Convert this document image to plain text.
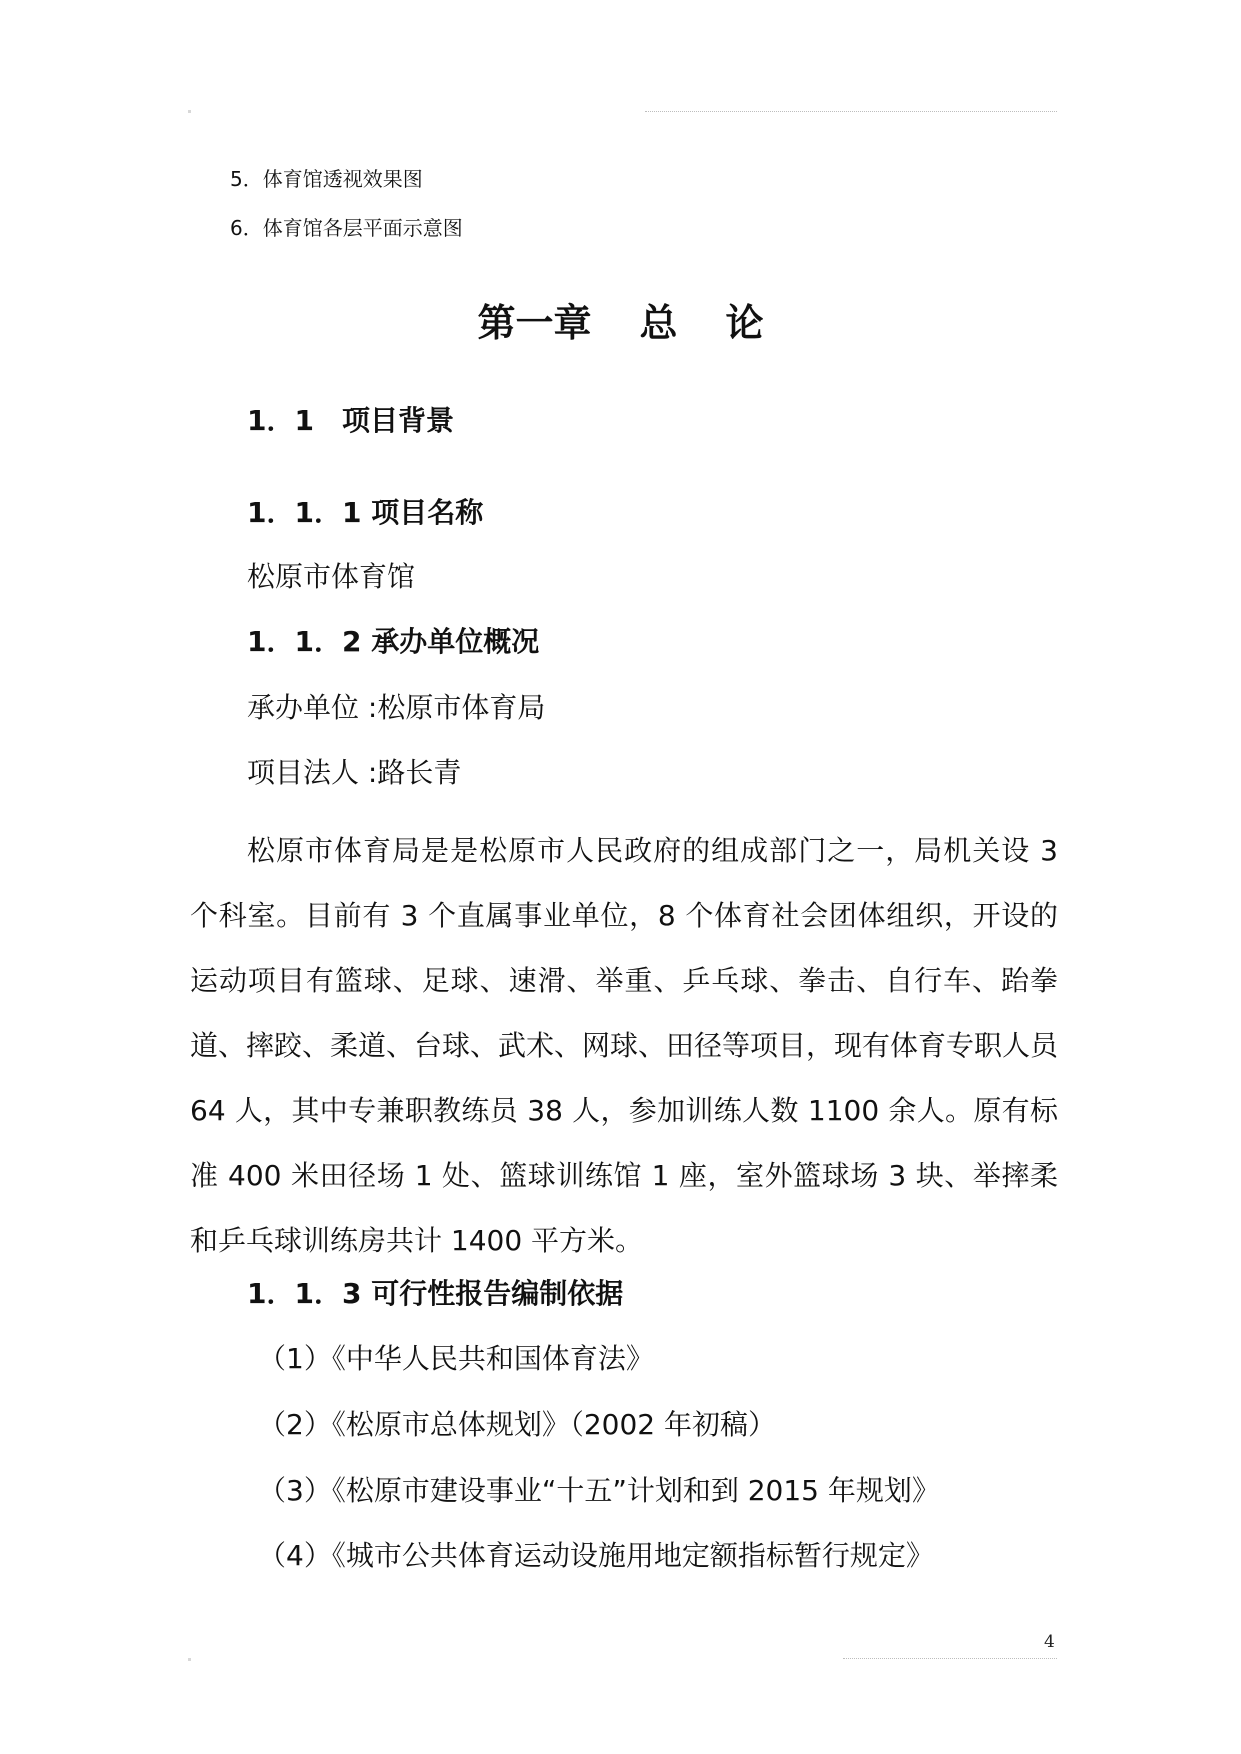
5．体育馆透视效果图
6．体育馆各层平面示意图
第一章 总 论
1．1　项目背景
1．1．1 项目名称
松原市体育馆
1．1．2 承办单位概况
承办单位 :松原市体育局
项目法人 :路长青
松原市体育局是是松原市人民政府的组成部门之一，局机关设 3 个科室。目前有 3 个直属事业单位，8 个体育社会团体组织，开设的运动项目有篮球、足球、速滑、举重、乒乓球、拳击、自行车、跆拳道、摔跤、柔道、台球、武术、网球、田径等项目，现有体育专职人员 64 人，其中专兼职教练员 38 人，参加训练人数 1100 余人。原有标准 400 米田径场 1 处、篮球训练馆 1 座，室外篮球场 3 块、举摔柔和乒乓球训练房共计 1400 平方米。
1．1．3 可行性报告编制依据
（1）《中华人民共和国体育法》
（2）《松原市总体规划》（2002 年初稿）
（3）《松原市建设事业“十五”计划和到 2015 年规划》
（4）《城市公共体育运动设施用地定额指标暂行规定》
4
